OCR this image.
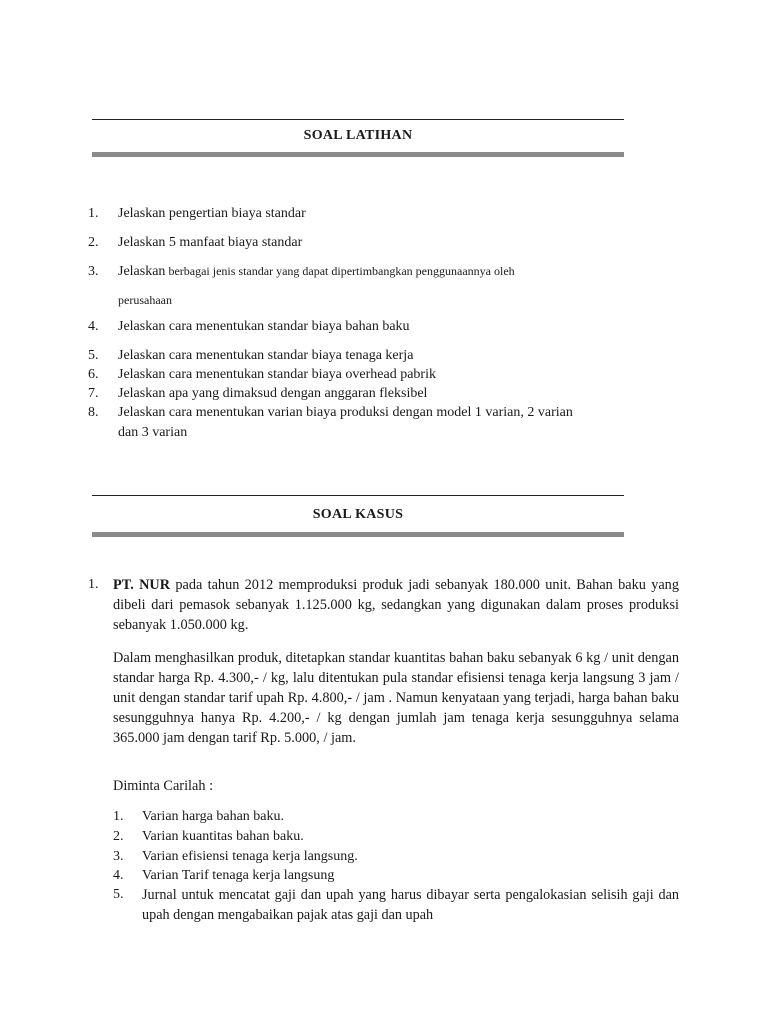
SOAL LATIHAN
1. Jelaskan pengertian biaya standar
2. Jelaskan 5 manfaat biaya standar
3. Jelaskan berbagai jenis standar yang dapat dipertimbangkan penggunaannya oleh
perusahaan
4. Jelaskan cara menentukan standar biaya bahan baku
5. Jelaskan cara menentukan standar biaya tenaga kerja
6. Jelaskan cara menentukan standar biaya overhead pabrik
7. Jelaskan apa yang dimaksud dengan anggaran fleksibel
8. Jelaskan cara menentukan varian biaya produksi dengan model 1 varian, 2 varian
dan 3 varian
SOAL KASUS
1. PT. NUR pada tahun 2012 memproduksi produk jadi sebanyak 180.000 unit. Bahan baku yang dibeli dari pemasok sebanyak 1.125.000 kg, sedangkan yang digunakan dalam proses produksi sebanyak 1.050.000 kg.
Dalam menghasilkan produk, ditetapkan standar kuantitas bahan baku sebanyak 6 kg / unit dengan standar harga Rp. 4.300,- / kg, lalu ditentukan pula standar efisiensi tenaga kerja langsung 3 jam / unit dengan standar tarif upah Rp. 4.800,- / jam . Namun kenyataan yang terjadi, harga bahan baku sesungguhnya hanya Rp. 4.200,- / kg dengan jumlah jam tenaga kerja sesungguhnya selama 365.000 jam dengan tarif Rp. 5.000, / jam.
Diminta Carilah :
1. Varian harga bahan baku.
2. Varian kuantitas bahan baku.
3. Varian efisiensi tenaga kerja langsung.
4. Varian Tarif tenaga kerja langsung
5. Jurnal untuk mencatat gaji dan upah yang harus dibayar serta pengalokasian selisih gaji dan upah dengan mengabaikan pajak atas gaji dan upah
